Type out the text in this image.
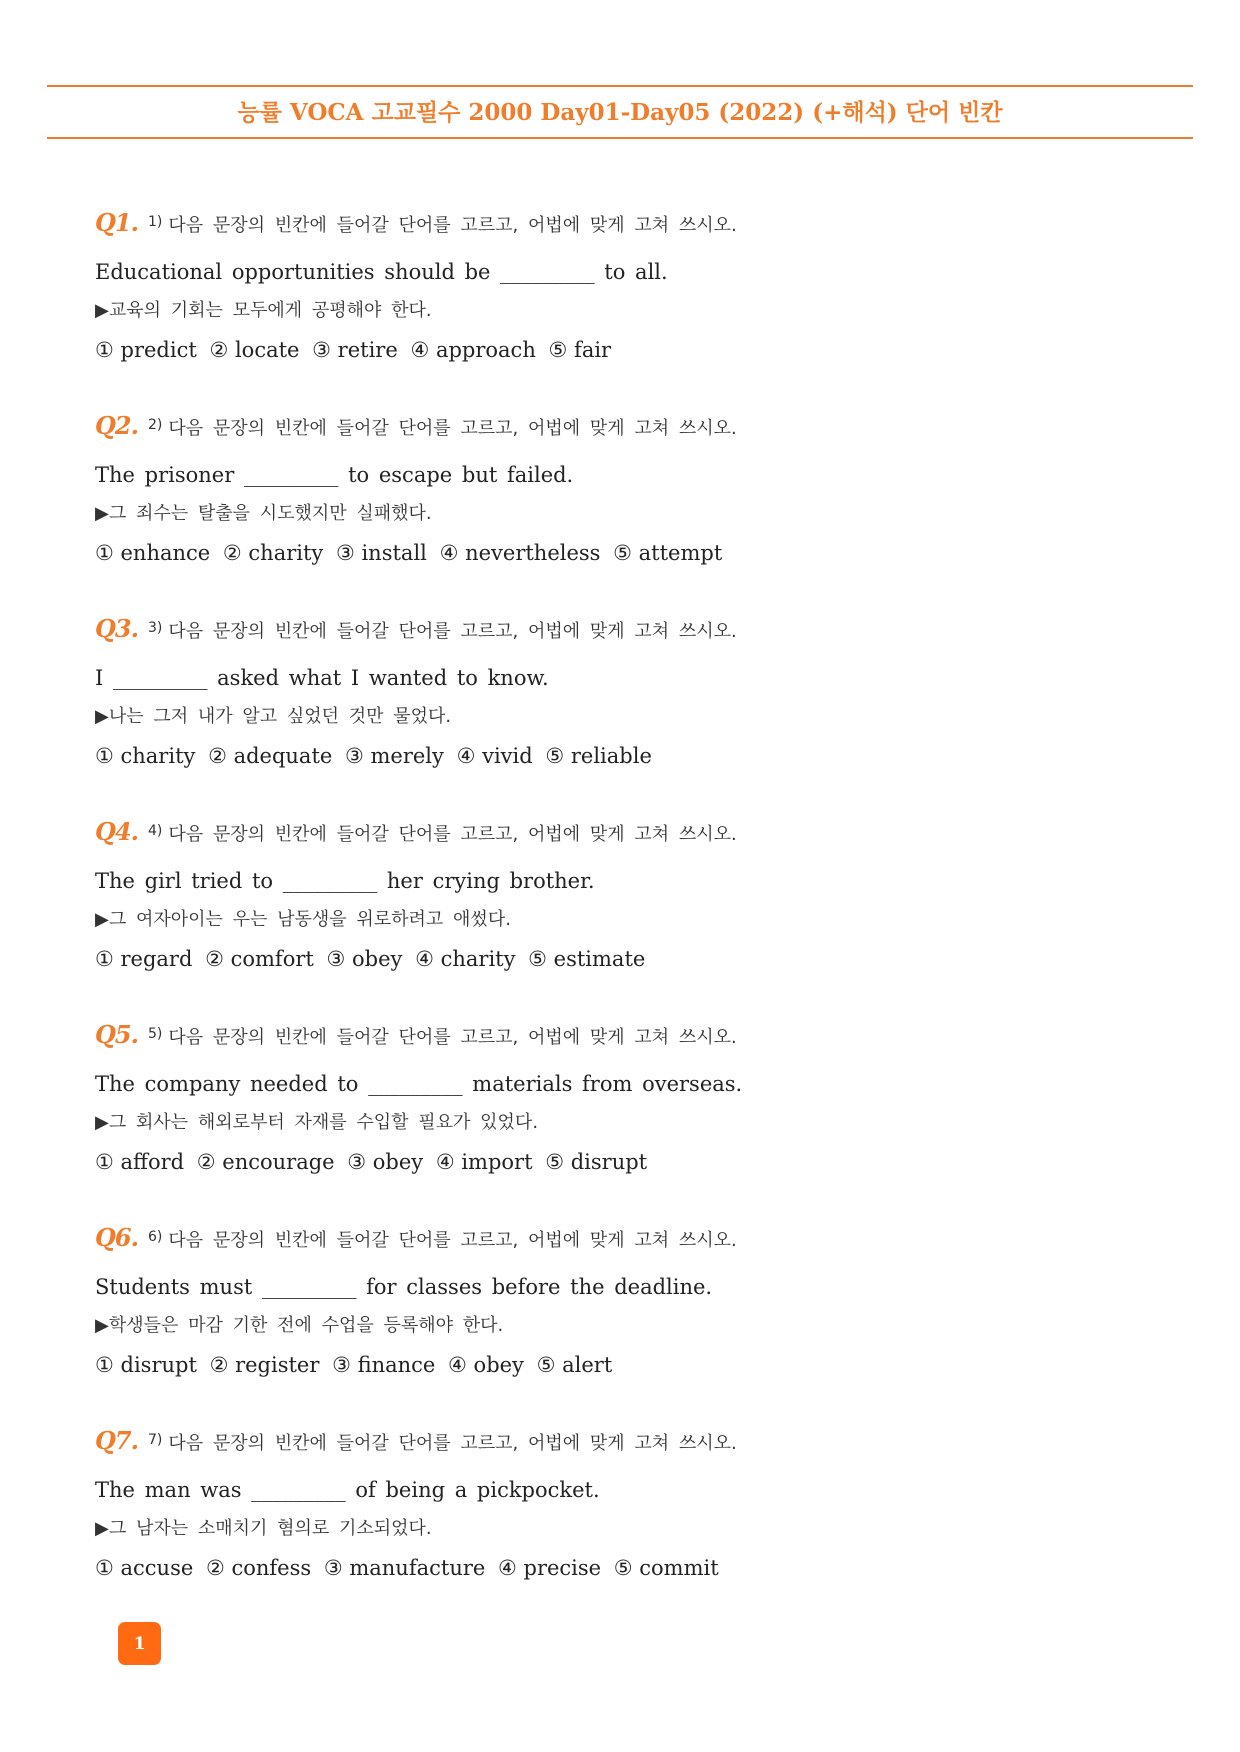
능률 VOCA 고교필수 2000 Day01-Day05 (2022) (+해석) 단어 빈칸
Q1. 1) 다음 문장의 빈칸에 들어갈 단어를 고르고, 어법에 맞게 고쳐 쓰시오.
Educational opportunities should be _________ to all.
▶교육의 기회는 모두에게 공평해야 한다.
① predict ② locate ③ retire ④ approach ⑤ fair
Q2. 2) 다음 문장의 빈칸에 들어갈 단어를 고르고, 어법에 맞게 고쳐 쓰시오.
The prisoner _________ to escape but failed.
▶그 죄수는 탈출을 시도했지만 실패했다.
① enhance ② charity ③ install ④ nevertheless ⑤ attempt
Q3. 3) 다음 문장의 빈칸에 들어갈 단어를 고르고, 어법에 맞게 고쳐 쓰시오.
I _________ asked what I wanted to know.
▶나는 그저 내가 알고 싶었던 것만 물었다.
① charity ② adequate ③ merely ④ vivid ⑤ reliable
Q4. 4) 다음 문장의 빈칸에 들어갈 단어를 고르고, 어법에 맞게 고쳐 쓰시오.
The girl tried to _________ her crying brother.
▶그 여자아이는 우는 남동생을 위로하려고 애썼다.
① regard ② comfort ③ obey ④ charity ⑤ estimate
Q5. 5) 다음 문장의 빈칸에 들어갈 단어를 고르고, 어법에 맞게 고쳐 쓰시오.
The company needed to _________ materials from overseas.
▶그 회사는 해외로부터 자재를 수입할 필요가 있었다.
① afford ② encourage ③ obey ④ import ⑤ disrupt
Q6. 6) 다음 문장의 빈칸에 들어갈 단어를 고르고, 어법에 맞게 고쳐 쓰시오.
Students must _________ for classes before the deadline.
▶학생들은 마감 기한 전에 수업을 등록해야 한다.
① disrupt ② register ③ finance ④ obey ⑤ alert
Q7. 7) 다음 문장의 빈칸에 들어갈 단어를 고르고, 어법에 맞게 고쳐 쓰시오.
The man was _________ of being a pickpocket.
▶그 남자는 소매치기 혐의로 기소되었다.
① accuse ② confess ③ manufacture ④ precise ⑤ commit
1
